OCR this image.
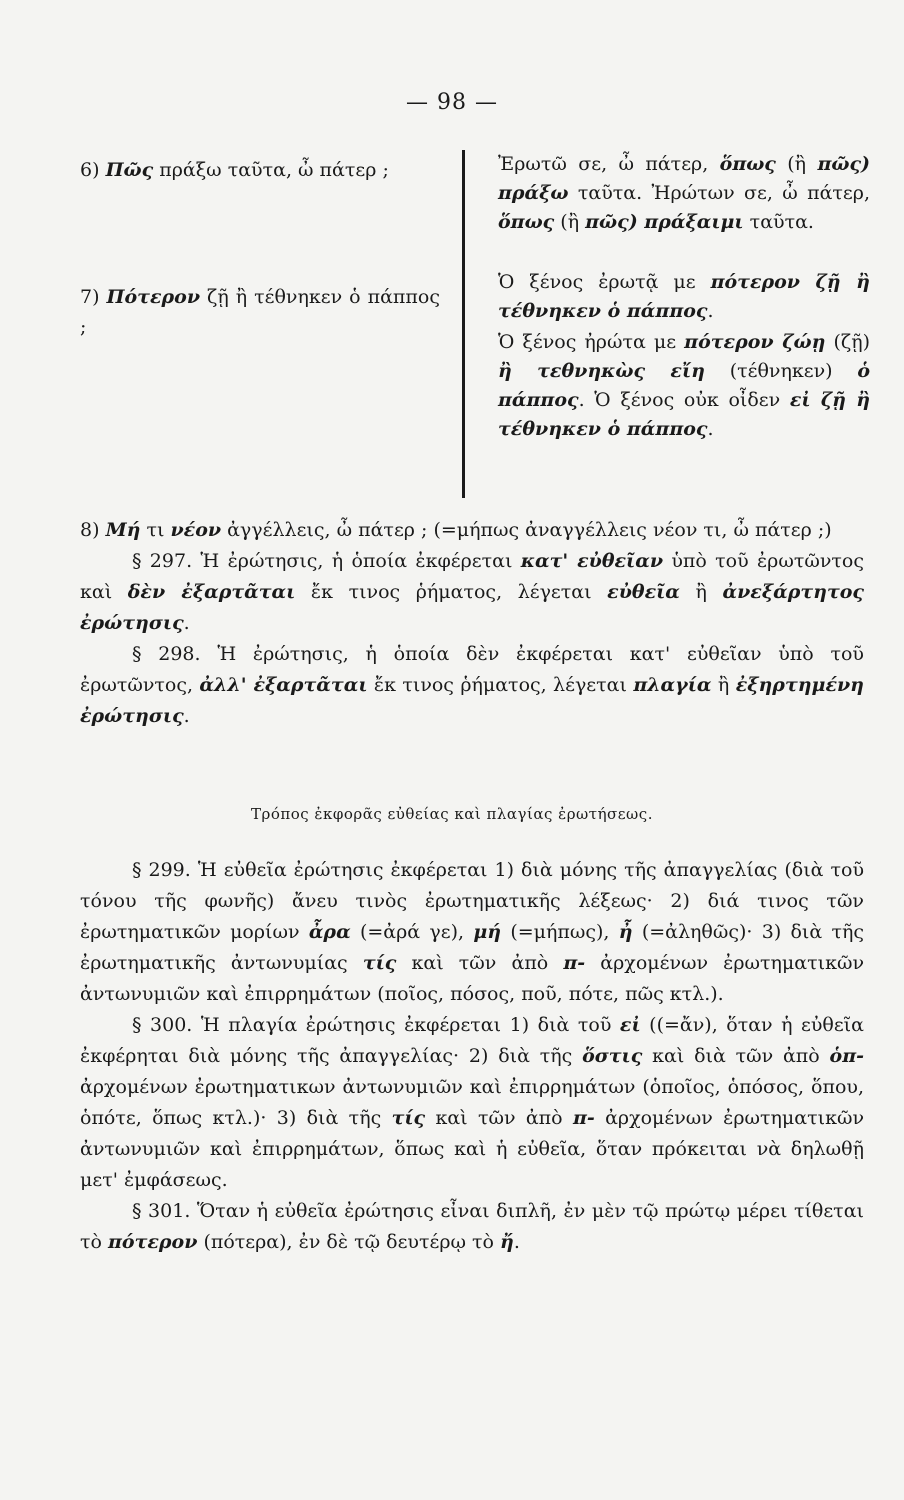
— 98 —

6) Πῶς πράξω ταῦτα, ὦ πάτερ ;

7) Πότερον ζῇ ἢ τέθνηκεν ὁ πάππος ;

Ἐρωτῶ σε, ὦ πάτερ, ὅπως (ἢ πῶς) πράξω ταῦτα. Ἠρώτων σε, ὦ πάτερ, ὅπως (ἢ πῶς) πράξαιμι ταῦτα.

Ὁ ξένος ἐρωτᾷ με πότερον ζῇ ἢ τέθνηκεν ὁ πάππος.

Ὁ ξένος ἠρώτα με πότερον ζώῃ (ζῇ) ἢ τεθνηκὼς εἴη (τέθνηκεν) ὁ πάππος. Ὁ ξένος οὐκ οἶδεν εἰ ζῇ ἢ τέθνηκεν ὁ πάππος.

8) Μή τι νέον ἀγγέλλεις, ὦ πάτερ ; (=μήπως ἀναγγέλλεις νέον τι, ὦ πάτερ ;)

§ 297. Ἡ ἐρώτησις, ἡ ὁποία ἐκφέρεται κατ' εὐθεῖαν ὑπὸ τοῦ ἐρωτῶντος καὶ δὲν ἐξαρτᾶται ἔκ τινος ῥήματος, λέγεται εὐθεῖα ἢ ἀνεξάρτητος ἐρώτησις.

§ 298. Ἡ ἐρώτησις, ἡ ὁποία δὲν ἐκφέρεται κατ' εὐθεῖαν ὑπὸ τοῦ ἐρωτῶντος, ἀλλ' ἐξαρτᾶται ἔκ τινος ῥήματος, λέγεται πλαγία ἢ ἐξηρτημένη ἐρώτησις.

Τρόπος ἐκφορᾶς εὐθείας καὶ πλαγίας ἐρωτήσεως.

§ 299. Ἡ εὐθεῖα ἐρώτησις ἐκφέρεται 1) διὰ μόνης τῆς ἀπαγγελίας (διὰ τοῦ τόνου τῆς φωνῆς) ἄνευ τινὸς ἐρωτηματικῆς λέξεως· 2) διά τινος τῶν ἐρωτηματικῶν μορίων ἆρα (=ἀρά γε), μή (=μήπως), ἦ (=ἀληθῶς)· 3) διὰ τῆς ἐρωτηματικῆς ἀντωνυμίας τίς καὶ τῶν ἀπὸ π- ἀρχομένων ἐρωτηματικῶν ἀντωνυμιῶν καὶ ἐπιρρημάτων (ποῖος, πόσος, ποῦ, πότε, πῶς κτλ.).

§ 300. Ἡ πλαγία ἐρώτησις ἐκφέρεται 1) διὰ τοῦ εἰ ((=ἄν), ὅταν ἡ εὐθεῖα ἐκφέρηται διὰ μόνης τῆς ἀπαγγελίας· 2) διὰ τῆς ὅστις καὶ διὰ τῶν ἀπὸ ὁπ- ἀρχομένων ἐρωτηματικων ἀντωνυμιῶν καὶ ἐπιρρημάτων (ὁποῖος, ὁπόσος, ὅπου, ὁπότε, ὅπως κτλ.)· 3) διὰ τῆς τίς καὶ τῶν ἀπὸ π- ἀρχομένων ἐρωτηματικῶν ἀντωνυμιῶν καὶ ἐπιρρημάτων, ὅπως καὶ ἡ εὐθεῖα, ὅταν πρόκειται νὰ δηλωθῇ μετ' ἐμφάσεως.

§ 301. Ὅταν ἡ εὐθεῖα ἐρώτησις εἶναι διπλῆ, ἐν μὲν τῷ πρώτῳ μέρει τίθεται τὸ πότερον (πότερα), ἐν δὲ τῷ δευτέρῳ τὸ ἤ.
